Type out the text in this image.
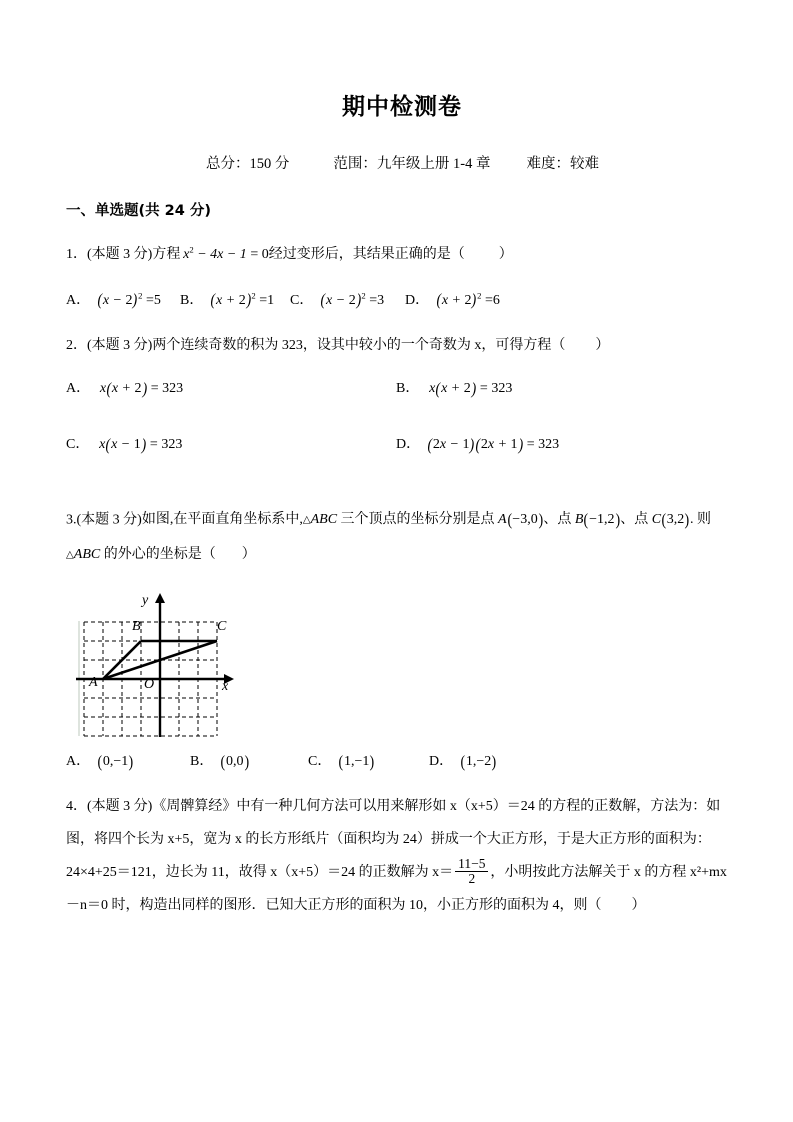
期中检测卷
总分：150 分	范围：九年级上册 1-4 章 难度：较难
一、单选题(共 24 分)
1．(本题 3 分)方程 $x^2 - 4x - 1 = 0$经过变形后，其结果正确的是（ ）
A． $(x - 2)^2 =5$ B． $(x + 2)^2 =1$ C． $(x - 2)^2 =3$ D． $(x + 2)^2 =6$
2．(本题 3 分)两个连续奇数的积为 323，设其中较小的一个奇数为 x，可得方程（ ）
A． x(x + 2) = 323	B． x(x + 2) = 323
C． x(x − 1) = 323	D． (2x − 1)(2x + 1) = 323
3.(本题 3 分)如图,在平面直角坐标系中,△ABC 三个顶点的坐标分别是点 A(−3,0)、点 B(−1,2)、点 C(3,2). 则
△ABC 的外心的坐标是（ ）
A
B	C
O	x
y
A． (0,−1)	B． (0,0)	C． (1,−1)	D． (1,−2)
4．(本题 3 分)《周髀算经》中有一种几何方法可以用来解形如 x（x+5）＝24 的方程的正数解，方法为：如
图，将四个长为 x+5，宽为 x 的长方形纸片（面积均为 24）拼成一个大正方形，于是大正方形的面积为：
24×4+25＝121，边长为 11，故得 x（x+5）＝24 的正数解为 $x= \frac{11-5}{2}$ ，小明按此方法解关于 x 的方程 x²+mx
－n＝0 时，构造出同样的图形．已知大正方形的面积为 10，小正方形的面积为 4，则（ ）
